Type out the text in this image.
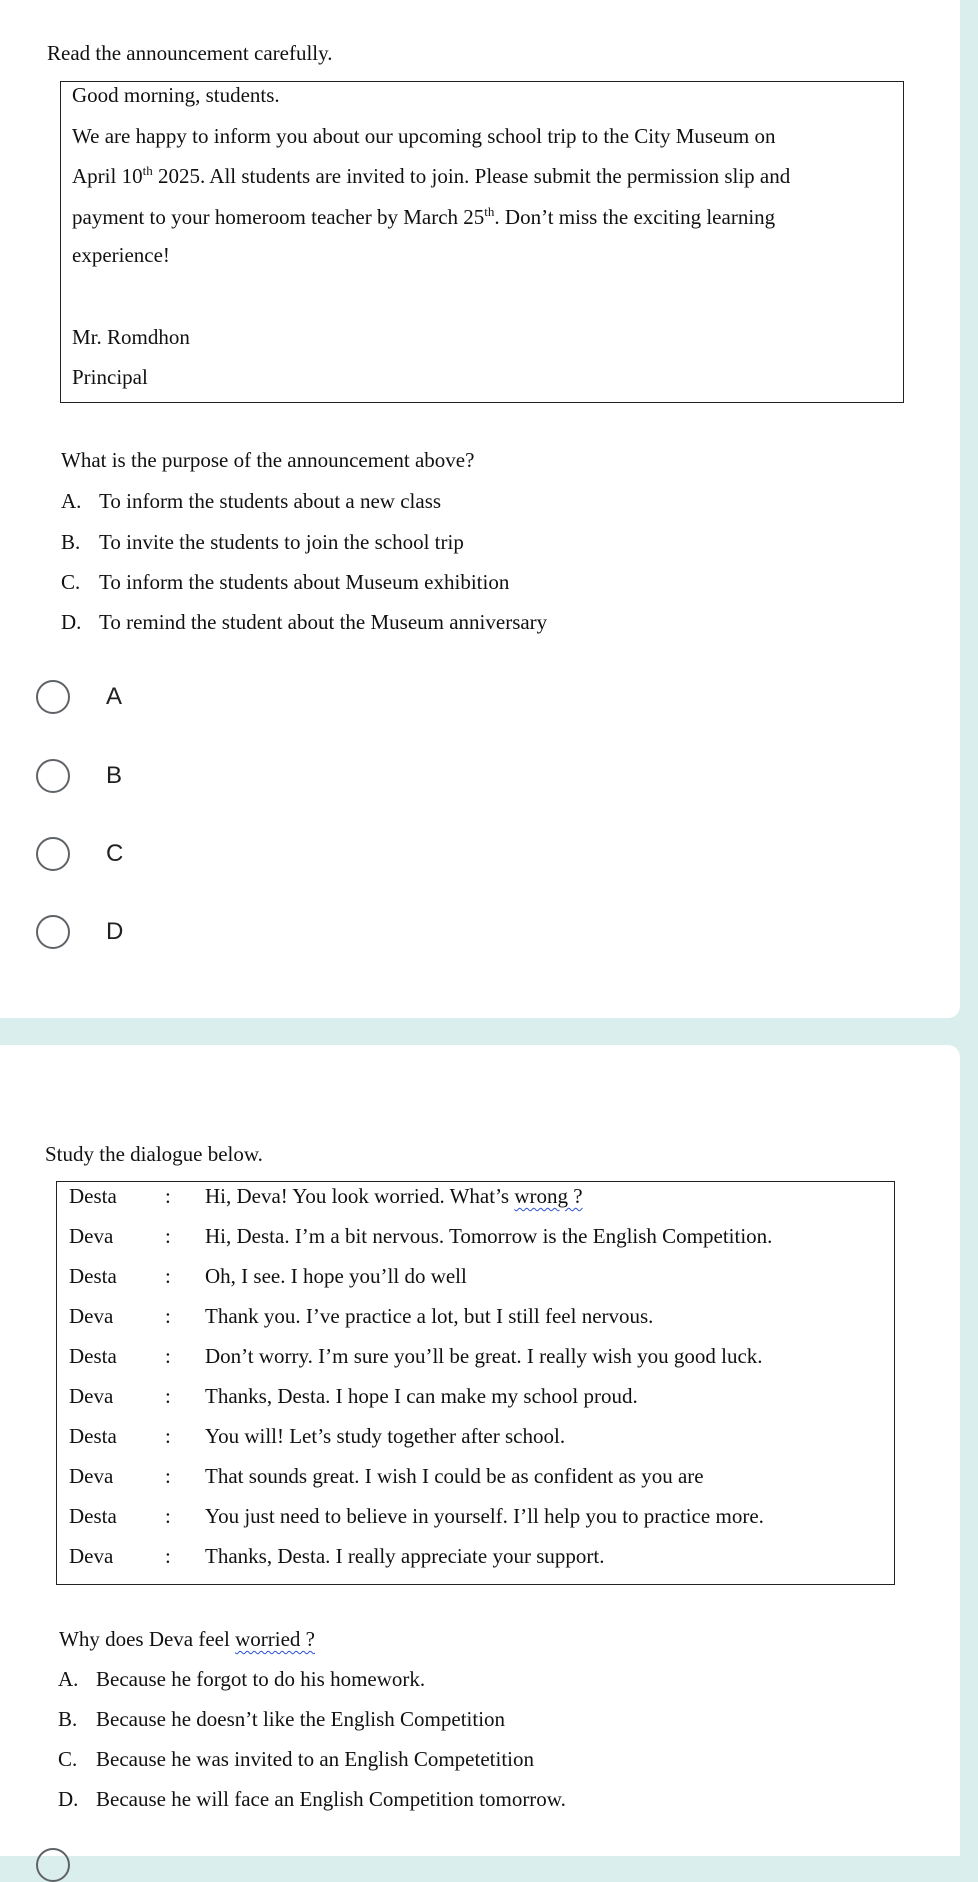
Read the announcement carefully.
Good morning, students.
We are happy to inform you about our upcoming school trip to the City Museum on
April 10th 2025. All students are invited to join. Please submit the permission slip and
payment to your homeroom teacher by March 25th. Don’t miss the exciting learning
experience!
Mr. Romdhon
Principal
What is the purpose of the announcement above?
A. To inform the students about a new class
B. To invite the students to join the school trip
C. To inform the students about Museum exhibition
D. To remind the student about the Museum anniversary
A
B
C
D
Study the dialogue below.
Desta : Hi, Deva! You look worried. What’s wrong ?
Deva : Hi, Desta. I’m a bit nervous. Tomorrow is the English Competition.
Desta : Oh, I see. I hope you’ll do well
Deva : Thank you. I’ve practice a lot, but I still feel nervous.
Desta : Don’t worry. I’m sure you’ll be great. I really wish you good luck.
Deva : Thanks, Desta. I hope I can make my school proud.
Desta : You will! Let’s study together after school.
Deva : That sounds great. I wish I could be as confident as you are
Desta : You just need to believe in yourself. I’ll help you to practice more.
Deva : Thanks, Desta. I really appreciate your support.
Why does Deva feel worried ?
A. Because he forgot to do his homework.
B. Because he doesn’t like the English Competition
C. Because he was invited to an English Competetition
D. Because he will face an English Competition tomorrow.
